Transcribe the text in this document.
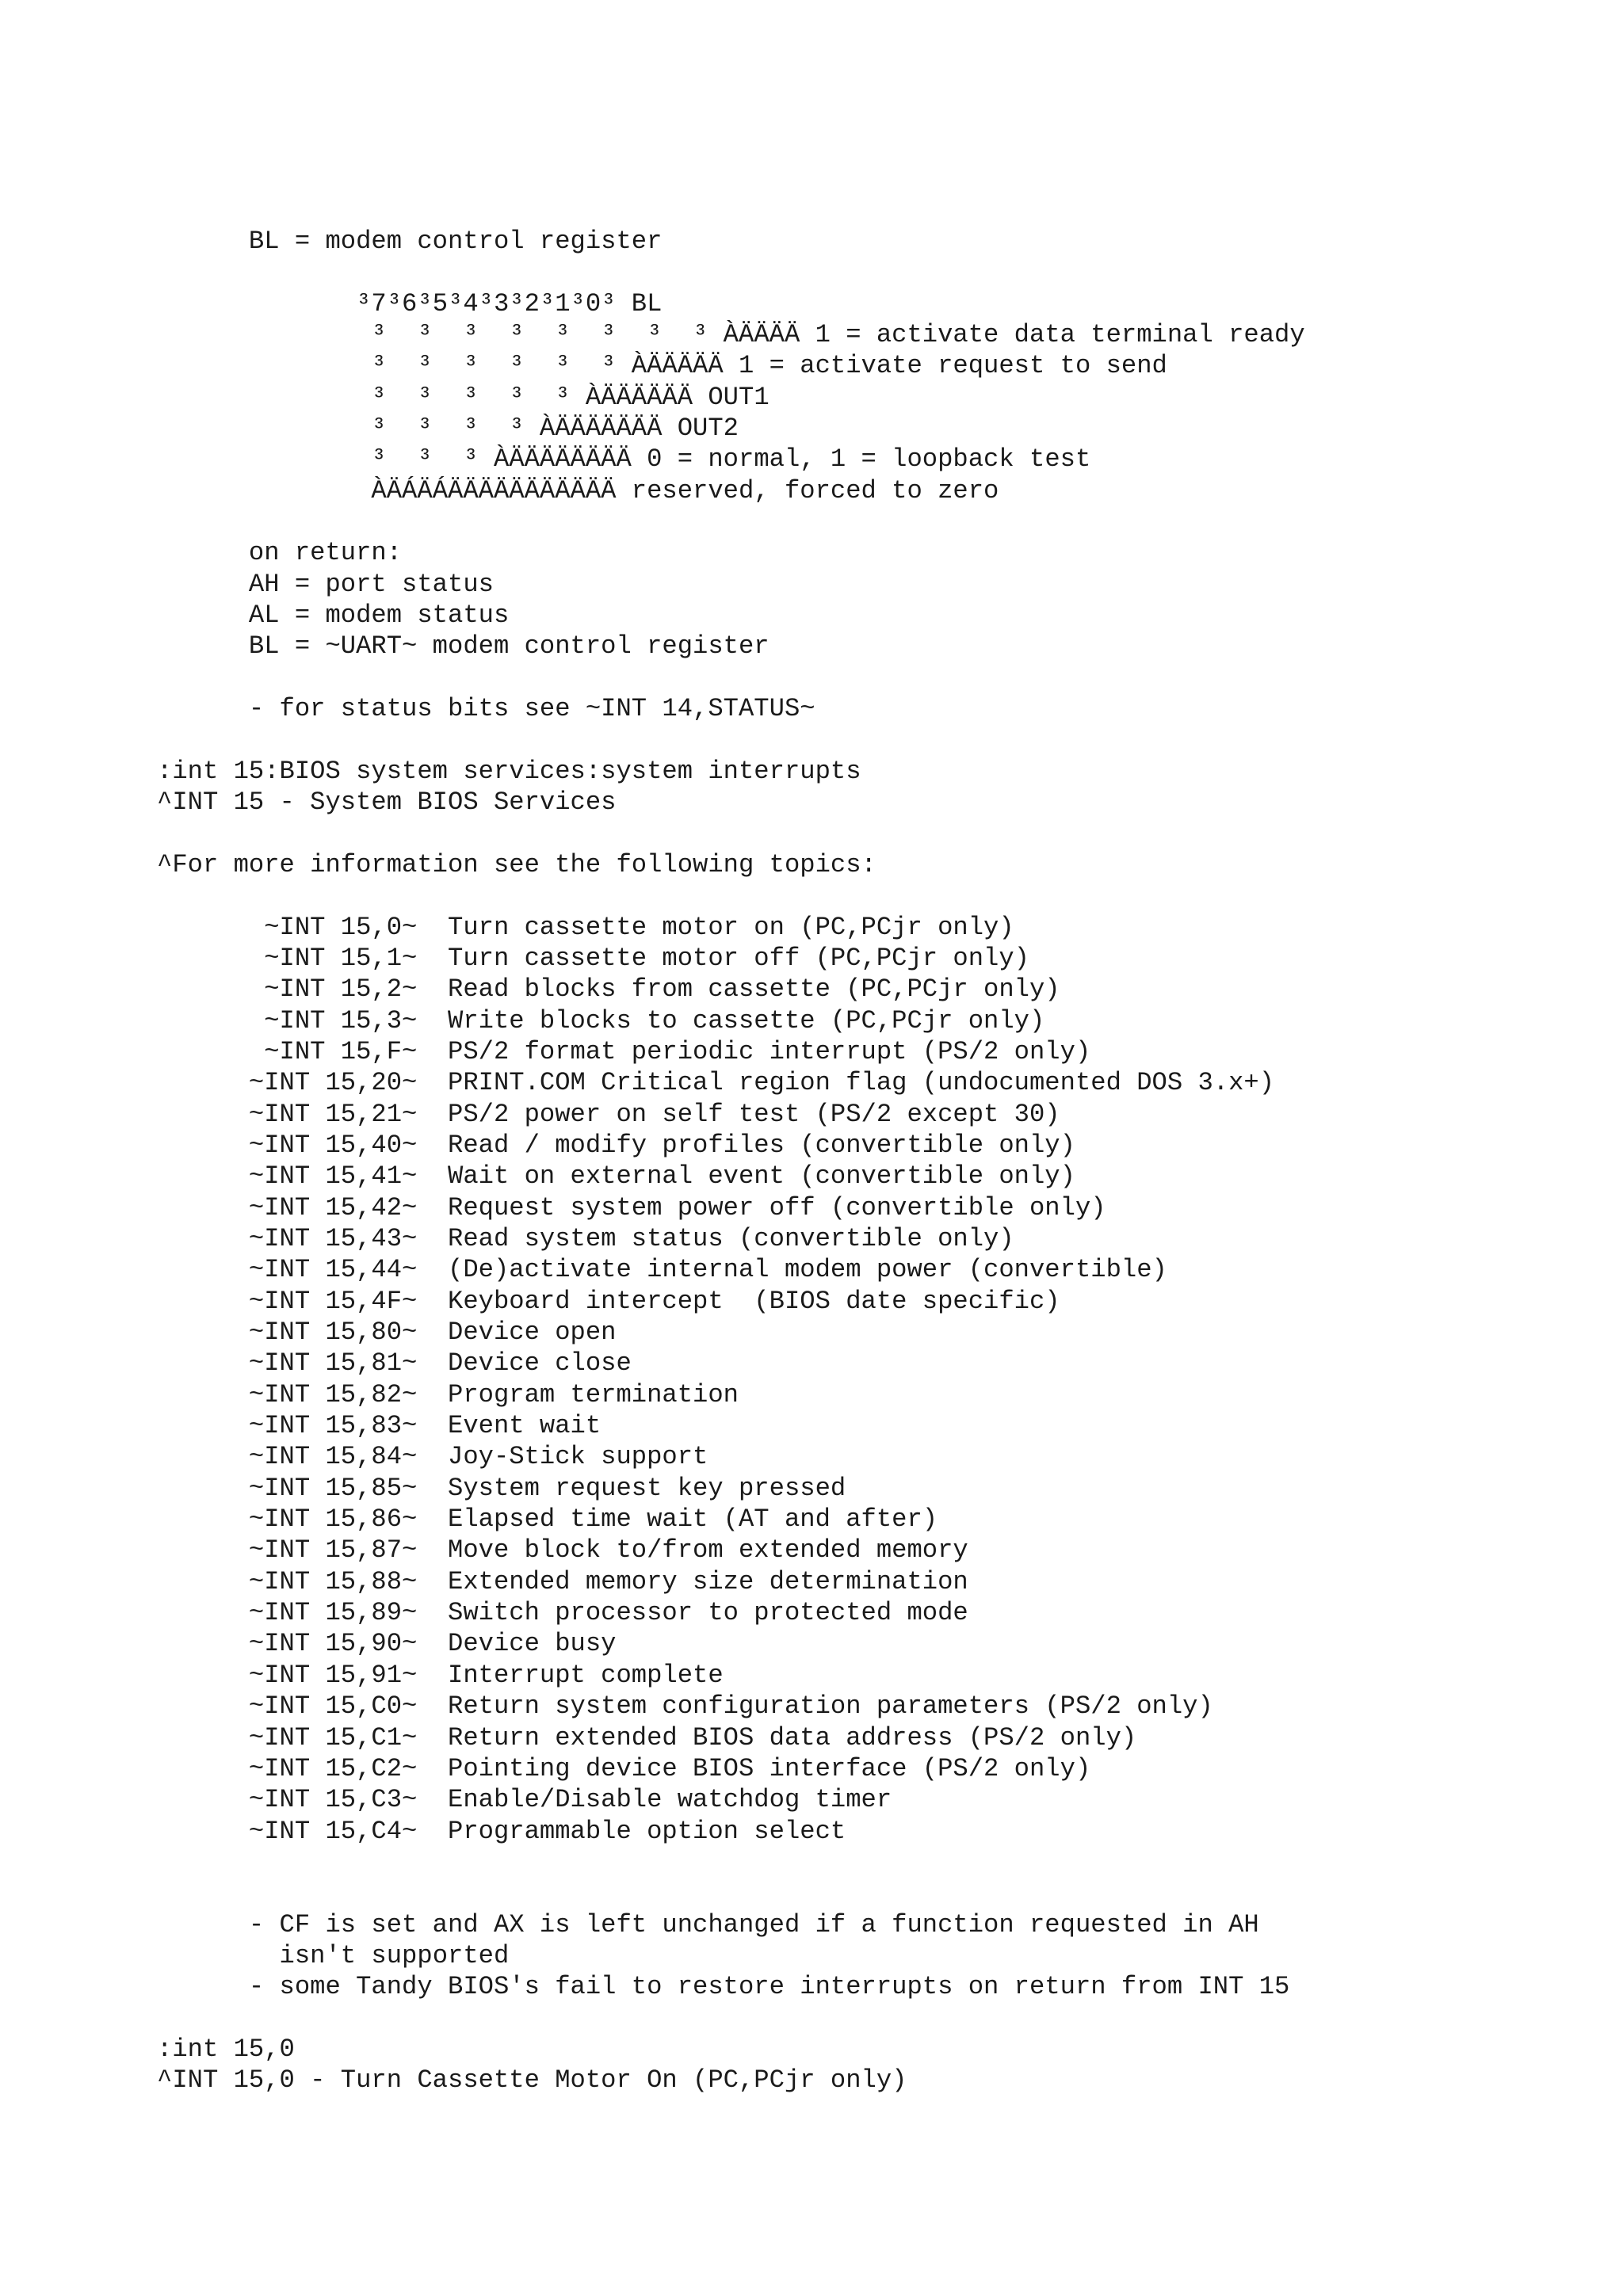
BL = modem control register
	³7³6³5³4³3³2³1³0³ BL
	³  ³  ³  ³  ³  ³  ³  ³ ÀÄÄÄÄ 1 = activate data terminal ready
	³  ³  ³  ³  ³  ³ ÀÄÄÄÄÄ 1 = activate request to send
	³  ³  ³  ³  ³ ÀÄÄÄÄÄÄ OUT1
	³  ³  ³  ³ ÀÄÄÄÄÄÄÄ OUT2
	³  ³  ³ ÀÄÄÄÄÄÄÄÄ 0 = normal, 1 = loopback test
	ÀÄÁÄÁÄÄÄÄÄÄÄÄÄÄÄ reserved, forced to zero
on return:
AH = port status
AL = modem status
BL = ~UART~ modem control register
- for status bits see ~INT 14,STATUS~
:int 15:BIOS system services:system interrupts
^INT 15 - System BIOS Services
^For more information see the following topics:
~INT 15,0~  Turn cassette motor on (PC,PCjr only)
~INT 15,1~  Turn cassette motor off (PC,PCjr only)
~INT 15,2~  Read blocks from cassette (PC,PCjr only)
~INT 15,3~  Write blocks to cassette (PC,PCjr only)
~INT 15,F~  PS/2 format periodic interrupt (PS/2 only)
~INT 15,20~  PRINT.COM Critical region flag (undocumented DOS 3.x+)
~INT 15,21~  PS/2 power on self test (PS/2 except 30)
~INT 15,40~  Read / modify profiles (convertible only)
~INT 15,41~  Wait on external event (convertible only)
~INT 15,42~  Request system power off (convertible only)
~INT 15,43~  Read system status (convertible only)
~INT 15,44~  (De)activate internal modem power (convertible)
~INT 15,4F~  Keyboard intercept  (BIOS date specific)
~INT 15,80~  Device open
~INT 15,81~  Device close
~INT 15,82~  Program termination
~INT 15,83~  Event wait
~INT 15,84~  Joy-Stick support
~INT 15,85~  System request key pressed
~INT 15,86~  Elapsed time wait (AT and after)
~INT 15,87~  Move block to/from extended memory
~INT 15,88~  Extended memory size determination
~INT 15,89~  Switch processor to protected mode
~INT 15,90~  Device busy
~INT 15,91~  Interrupt complete
~INT 15,C0~  Return system configuration parameters (PS/2 only)
~INT 15,C1~  Return extended BIOS data address (PS/2 only)
~INT 15,C2~  Pointing device BIOS interface (PS/2 only)
~INT 15,C3~  Enable/Disable watchdog timer
~INT 15,C4~  Programmable option select
- CF is set and AX is left unchanged if a function requested in AH
	isn't supported
- some Tandy BIOS's fail to restore interrupts on return from INT 15
:int 15,0
^INT 15,0 - Turn Cassette Motor On (PC,PCjr only)
